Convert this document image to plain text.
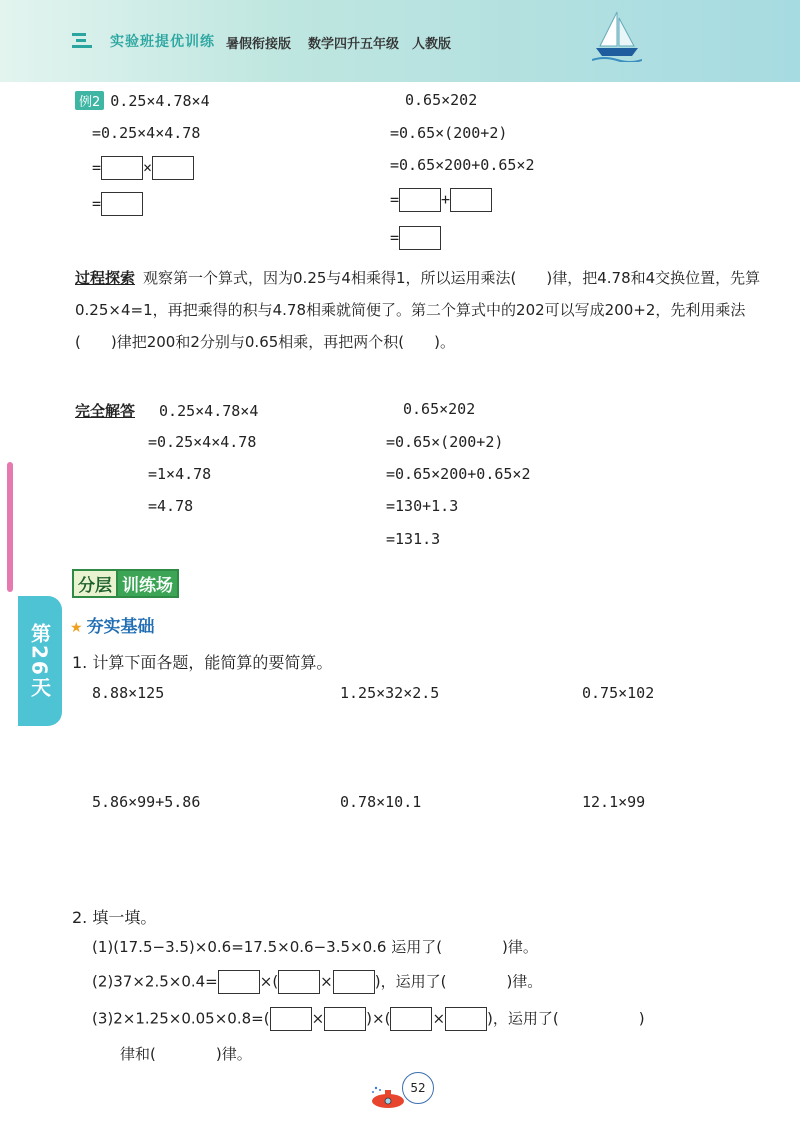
实验班提优训练 暑假衔接版 数学四升五年级 人教版
第26天
例2 0.25×4.78×4
=0.25×4×4.78
=	×
=
0.65×202
=0.65×(200+2)
=0.65×200+0.65×2
=	+
=
过程探索 观察第一个算式，因为0.25与4相乘得1，所以运用乘法(　　)律，把4.78和4交换位置，先算0.25×4=1，再把乘得的积与4.78相乘就简便了。第二个算式中的202可以写成200+2，先利用乘法(　　)律把200和2分别与0.65相乘，再把两个积(　　)。
完全解答 0.25×4.78×4
=0.25×4×4.78
=1×4.78
=4.78
0.65×202
=0.65×(200+2)
=0.65×200+0.65×2
=130+1.3
=131.3
分层 训练场
★ 夯实基础
1. 计算下面各题，能简算的要简算。
8.88×125	1.25×32×2.5	0.75×102
5.86×99+5.86	0.78×10.1	12.1×99
2. 填一填。
(1)(17.5−3.5)×0.6=17.5×0.6−3.5×0.6 运用了(　　　　)律。
(2)37×2.5×0.4=	×(	×	)，运用了(　　　　)律。
(3)2×1.25×0.05×0.8=(	×	)×(	×	)，运用了(	)
律和(　　　　)律。
52
